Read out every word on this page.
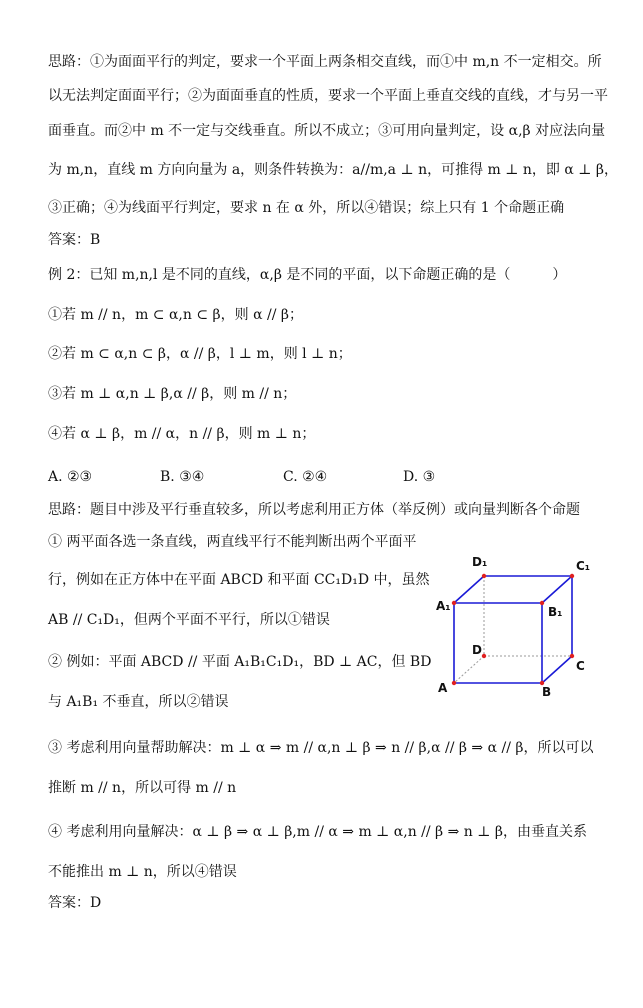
思路：①为面面平行的判定，要求一个平面上两条相交直线，而①中 m,n 不一定相交。所
以无法判定面面平行；②为面面垂直的性质，要求一个平面上垂直交线的直线，才与另一平
面垂直。而②中 m 不一定与交线垂直。所以不成立；③可用向量判定，设 α,β 对应法向量
为 m,n，直线 m 方向向量为 a，则条件转换为：a//m,a ⊥ n，可推得 m ⊥ n，即 α ⊥ β，
③正确；④为线面平行判定，要求 n 在 α 外，所以④错误；综上只有 1 个命题正确
答案：B
例 2：已知 m,n,l 是不同的直线，α,β 是不同的平面，以下命题正确的是（　　　）
①若 m // n，m ⊂ α,n ⊂ β，则 α // β；
②若 m ⊂ α,n ⊂ β，α // β，l ⊥ m，则 l ⊥ n；
③若 m ⊥ α,n ⊥ β,α // β，则 m // n；
④若 α ⊥ β，m // α，n // β，则 m ⊥ n；
A. ②③	B. ③④	C. ②④	D. ③
思路：题目中涉及平行垂直较多，所以考虑利用正方体（举反例）或向量判断各个命题
① 两平面各选一条直线，两直线平行不能判断出两个平面平
行，例如在正方体中在平面 ABCD 和平面 CC₁D₁D 中，虽然
AB // C₁D₁，但两个平面不平行，所以①错误
② 例如：平面 ABCD // 平面 A₁B₁C₁D₁，BD ⊥ AC，但 BD
与 A₁B₁ 不垂直，所以②错误
③ 考虑利用向量帮助解决：m ⊥ α ⇒ m // α,n ⊥ β ⇒ n // β,α // β ⇒ α // β，所以可以
推断 m // n，所以可得 m // n
④ 考虑利用向量解决：α ⊥ β ⇒ α ⊥ β,m // α ⇒ m ⊥ α,n // β ⇒ n ⊥ β，由垂直关系
不能推出 m ⊥ n，所以④错误
答案：D
D₁	C₁
A₁	B₁
D
C
A	B
